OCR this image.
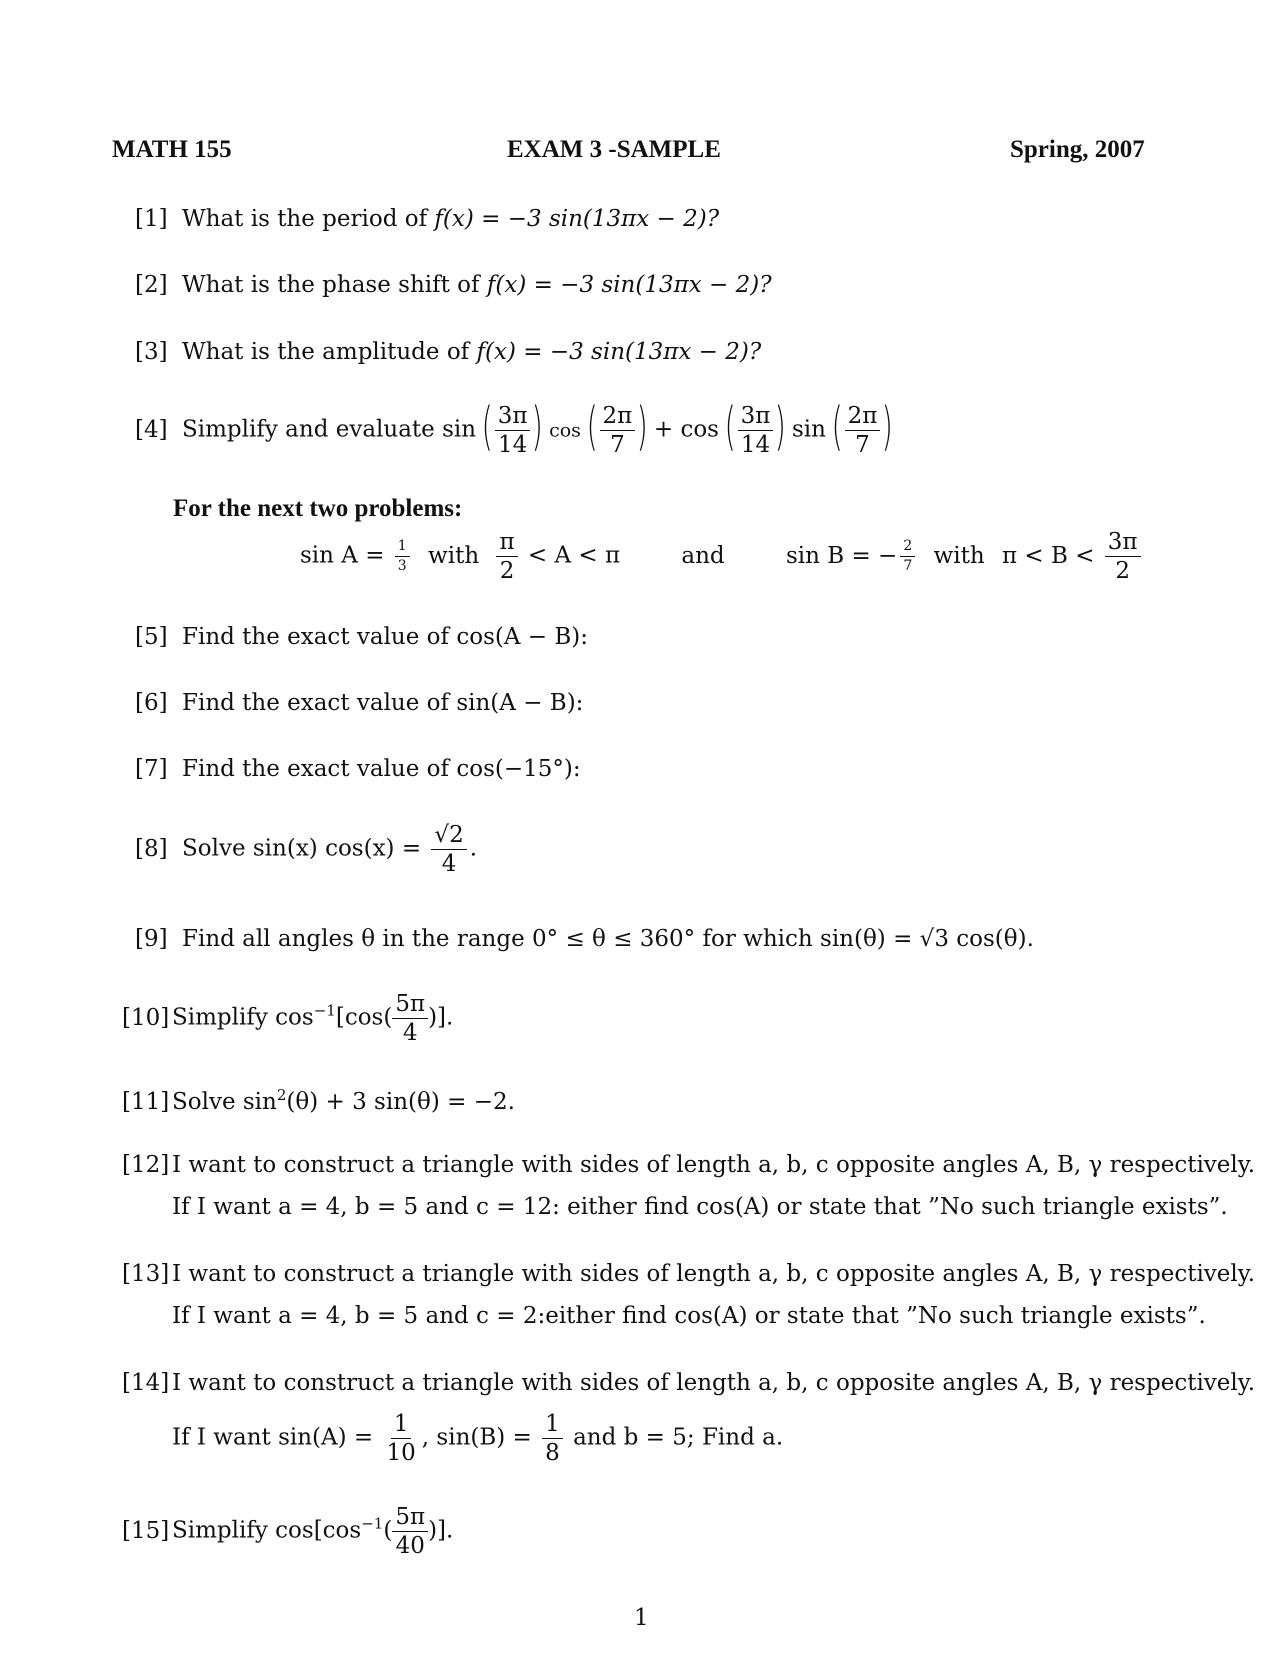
MATH 155	EXAM 3 -SAMPLE	Spring, 2007
[1] What is the period of f(x) = −3 sin(13πx − 2)?
[2] What is the phase shift of f(x) = −3 sin(13πx − 2)?
[3] What is the amplitude of f(x) = −3 sin(13πx − 2)?
[4] Simplify and evaluate sin ( $\frac{3\pi}{14}$ ) cos ( $\frac{2\pi}{7}$ ) + cos ( $\frac{3\pi}{14}$ ) sin ( $\frac{2\pi}{7}$ )
For the next two problems:
$\sin A = \frac{1}{3}$ with $\frac{\pi}{2} < A < \pi$	and	sin B = − $\frac{2}{7}$ with $\pi < B < \frac{3\pi}{2}$
[5] Find the exact value of cos(A − B):
[6] Find the exact value of sin(A − B):
[7] Find the exact value of cos(−15°):
[8] Solve sin(x) $\cos(x) = \frac{√2}{4}$ .
[9] Find all angles θ in the range 0° ≤ θ ≤ 360° for which sin(θ) = √3 cos(θ).
[10] Simplify $\cos^{-1}[\cos( \frac{5\pi}{4}$ )].
[11] Solve $\sin^2(\theta) + 3$ sin(θ) = −2.
[12] I want to construct a triangle with sides of length a, b, c opposite angles A, B, γ respectively.
If I want a = 4, b = 5 and c = 12: either find cos(A) or state that ”No such triangle exists”.
[13] I want to construct a triangle with sides of length a, b, c opposite angles A, B, γ respectively.
If I want a = 4, b = 5 and c = 2:either find cos(A) or state that ”No such triangle exists”.
[14] I want to construct a triangle with sides of length a, b, c opposite angles A, B, γ respectively.
If I want $\sin(A) = \frac{1}{10}$ , $\sin(B) = \frac{1}{8}$ and b = 5; Find a.
[15] Simplify $\cos[\cos^{-1}( \frac{5\pi}{40}$ )].
1
